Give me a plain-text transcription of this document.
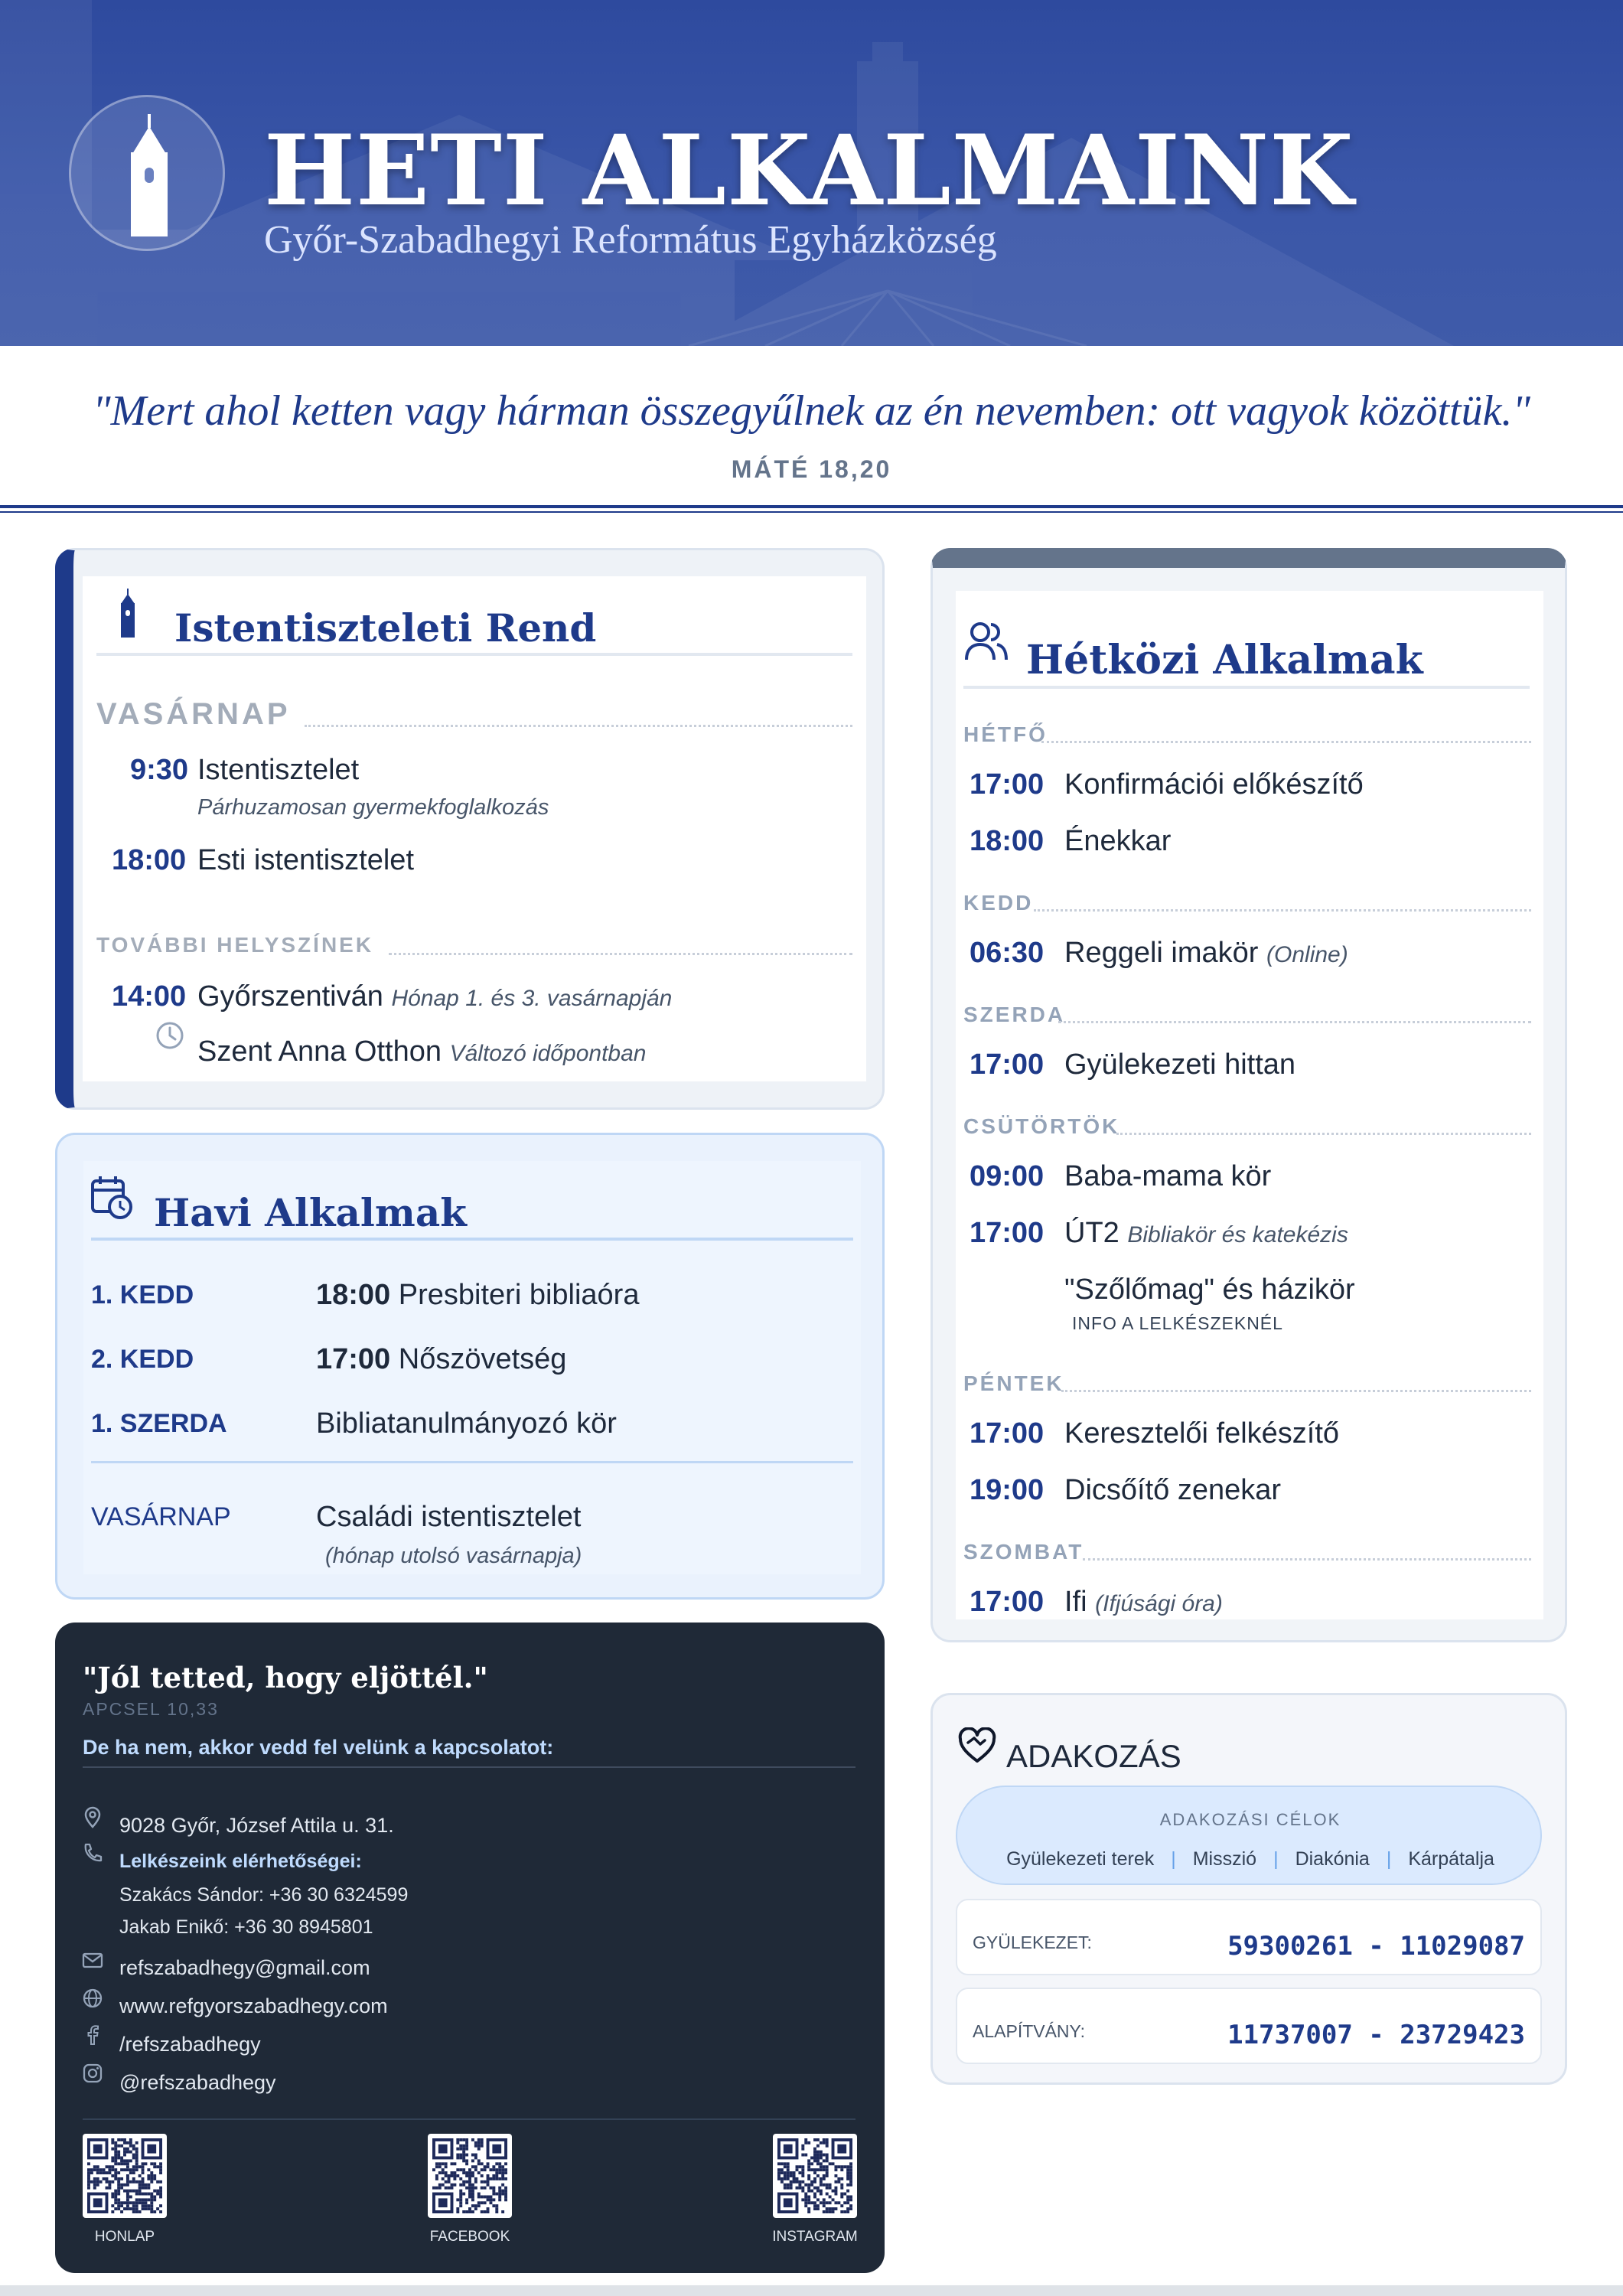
HETI ALKALMAINK
Győr-Szabadhegyi Református Egyházközség
"Mert ahol ketten vagy hárman összegyűlnek az én nevemben: ott vagyok közöttük."
MÁTÉ 18,20
Istentiszteleti Rend
VASÁRNAP
9:30 Istentisztelet
Párhuzamosan gyermekfoglalkozás
18:00 Esti istentisztelet
TOVÁBBI HELYSZÍNEK
14:00 Győrszentiván Hónap 1. és 3. vasárnapján
Szent Anna Otthon Változó időpontban
Havi Alkalmak
1. KEDD	18:00 Presbiteri bibliaóra
2. KEDD	17:00 Nőszövetség
1. SZERDA	Bibliatanulmányozó kör
VASÁRNAP	Családi istentisztelet
(hónap utolsó vasárnapja)
"Jól tetted, hogy eljöttél."
APCSEL 10,33
De ha nem, akkor vedd fel velünk a kapcsolatot:
9028 Győr, József Attila u. 31.
Lelkészeink elérhetőségei:
Szakács Sándor: +36 30 6324599
Jakab Enikő: +36 30 8945801
refszabadhegy@gmail.com
www.refgyorszabadhegy.com
/refszabadhegy
@refszabadhegy
HONLAP	FACEBOOK	INSTAGRAM
Hétközi Alkalmak
HÉTFŐ
17:00 Konfirmációi előkészítő
18:00 Énekkar
KEDD
06:30 Reggeli imakör (Online)
SZERDA
17:00 Gyülekezeti hittan
CSÜTÖRTÖK
09:00 Baba-mama kör
17:00 ÚT2 Bibliakör és katekézis
"Szőlőmag" és házikör
INFO A LELKÉSZEKNÉL
PÉNTEK
17:00 Keresztelői felkészítő
19:00 Dicsőítő zenekar
SZOMBAT
17:00 Ifi (Ifjúsági óra)
ADAKOZÁS
ADAKOZÁSI CÉLOK
Gyülekezeti terek | Misszió | Diakónia | Kárpátalja
GYÜLEKEZET:	59300261 - 11029087
ALAPÍTVÁNY:	11737007 - 23729423
